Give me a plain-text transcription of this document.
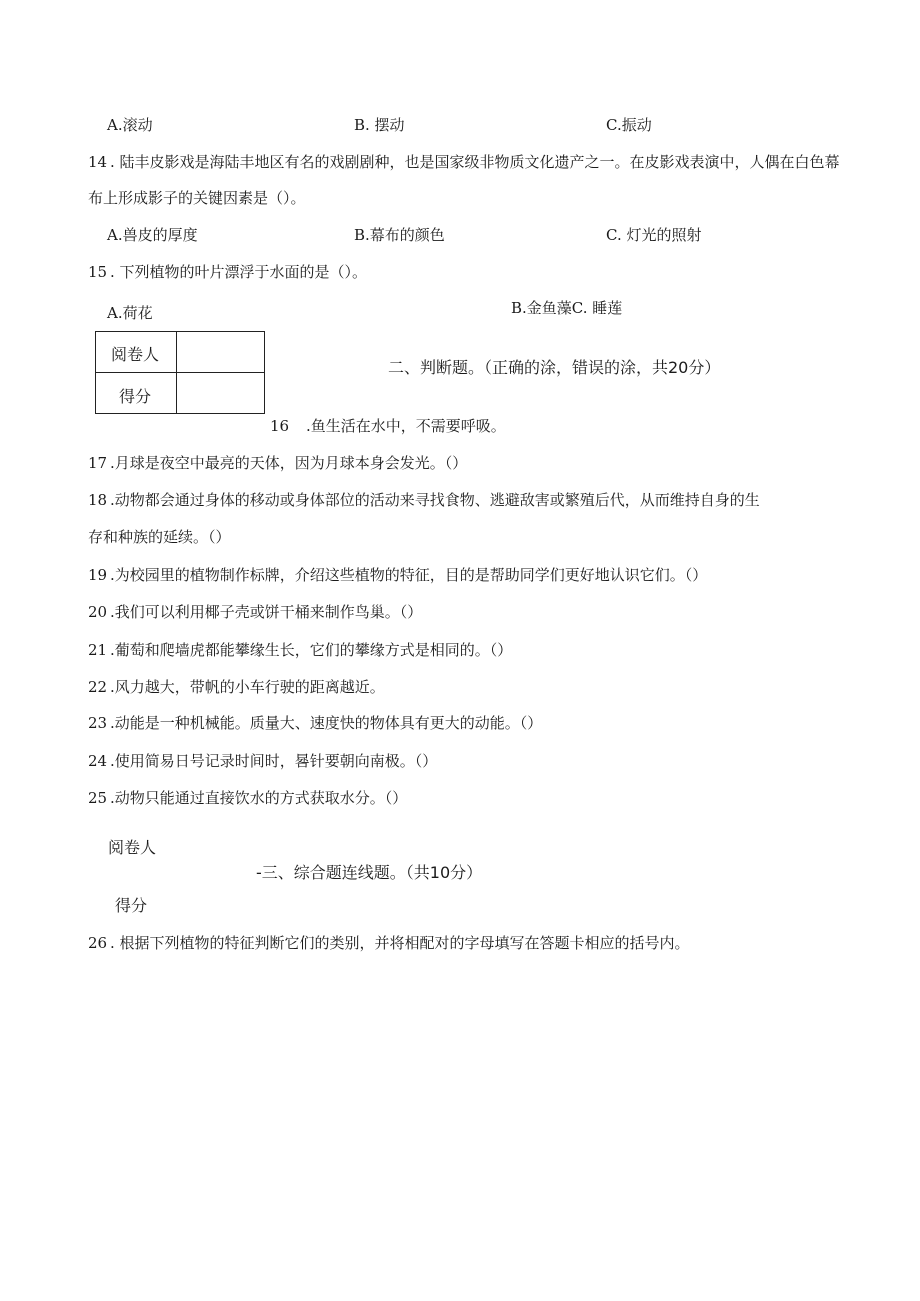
A.滚动	B. 摆动	C.振动
14 . 陆丰皮影戏是海陆丰地区有名的戏剧剧种，也是国家级非物质文化遗产之一。在皮影戏表演中，人偶在白色幕
布上形成影子的关键因素是（）。
A.兽皮的厚度	B.幕布的颜色	C. 灯光的照射
15 . 下列植物的叶片漂浮于水面的是（）。
A.荷花	B.金鱼藻C. 睡莲
阅卷人
得分
二、判断题。（正确的涂，错误的涂，共20分）
16 .鱼生活在水中，不需要呼吸。
17 .月球是夜空中最亮的天体，因为月球本身会发光。（）
18 .动物都会通过身体的移动或身体部位的活动来寻找食物、逃避敌害或繁殖后代，从而维持自身的生
存和种族的延续。（）
19 .为校园里的植物制作标牌，介绍这些植物的特征，目的是帮助同学们更好地认识它们。（）
20 .我们可以利用椰子壳或饼干桶来制作鸟巢。（）
21 .葡萄和爬墙虎都能攀缘生长，它们的攀缘方式是相同的。（）
22 .风力越大，带帆的小车行驶的距离越近。
23 .动能是一种机械能。质量大、速度快的物体具有更大的动能。（）
24 .使用简易日号记录时间时，晷针要朝向南极。（）
25 .动物只能通过直接饮水的方式获取水分。（）
阅卷人
得分
-三、综合题连线题。（共10分）
26 . 根据下列植物的特征判断它们的类别，并将相配对的字母填写在答题卡相应的括号内。
